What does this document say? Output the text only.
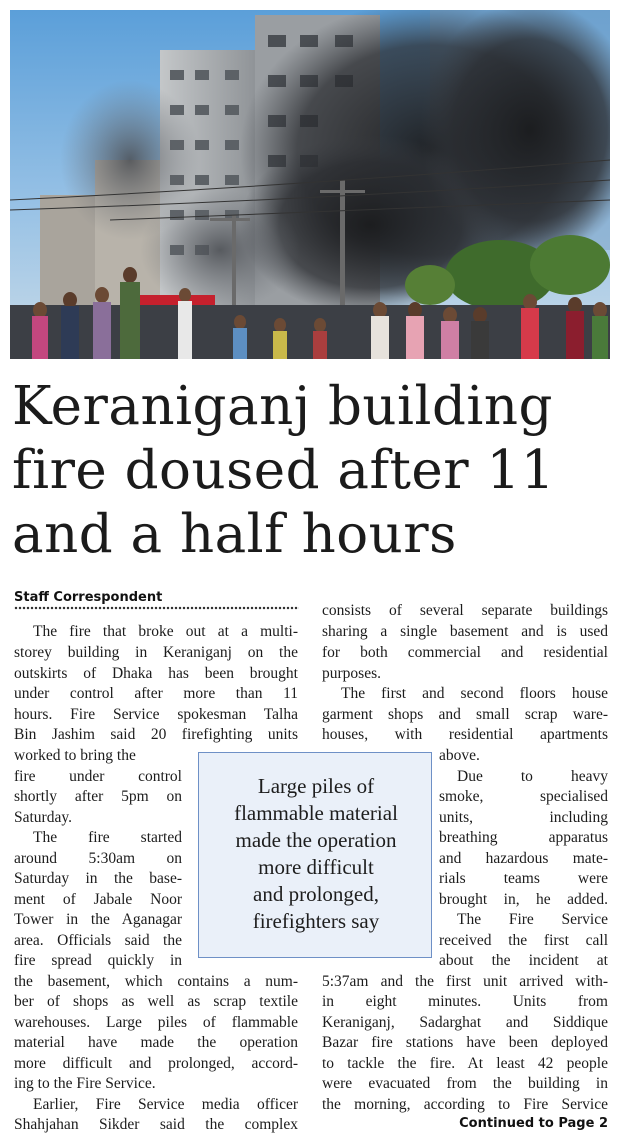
Keraniganj building
fire doused after 11
and a half hours
Staff Correspondent
The fire that broke out at a multi-
storey building in Keraniganj on the
outskirts of Dhaka has been brought
under control after more than 11
hours. Fire Service spokesman Talha
Bin Jashim said 20 firefighting units
worked to bring the
fire under control
shortly after 5pm on
Saturday.
The fire started
around 5:30am on
Saturday in the base-
ment of Jabale Noor
Tower in the Aganagar
area. Officials said the
fire spread quickly in
the basement, which contains a num-
ber of shops as well as scrap textile
warehouses. Large piles of flammable
material have made the operation
more difficult and prolonged, accord-
ing to the Fire Service.
Earlier, Fire Service media officer
Shahjahan Sikder said the complex
consists of several separate buildings
sharing a single basement and is used
for both commercial and residential
purposes.
The first and second floors house
garment shops and small scrap ware-
houses, with residential apartments
above.
Due to heavy
smoke, specialised
units, including
breathing apparatus
and hazardous mate-
rials teams were
brought in, he added.
The Fire Service
received the first call
about the incident at
5:37am and the first unit arrived with-
in eight minutes. Units from
Keraniganj, Sadarghat and Siddique
Bazar fire stations have been deployed
to tackle the fire. At least 42 people
were evacuated from the building in
the morning, according to Fire Service
Large piles of
flammable material
made the operation
more difficult
and prolonged,
firefighters say
Continued to Page 2
